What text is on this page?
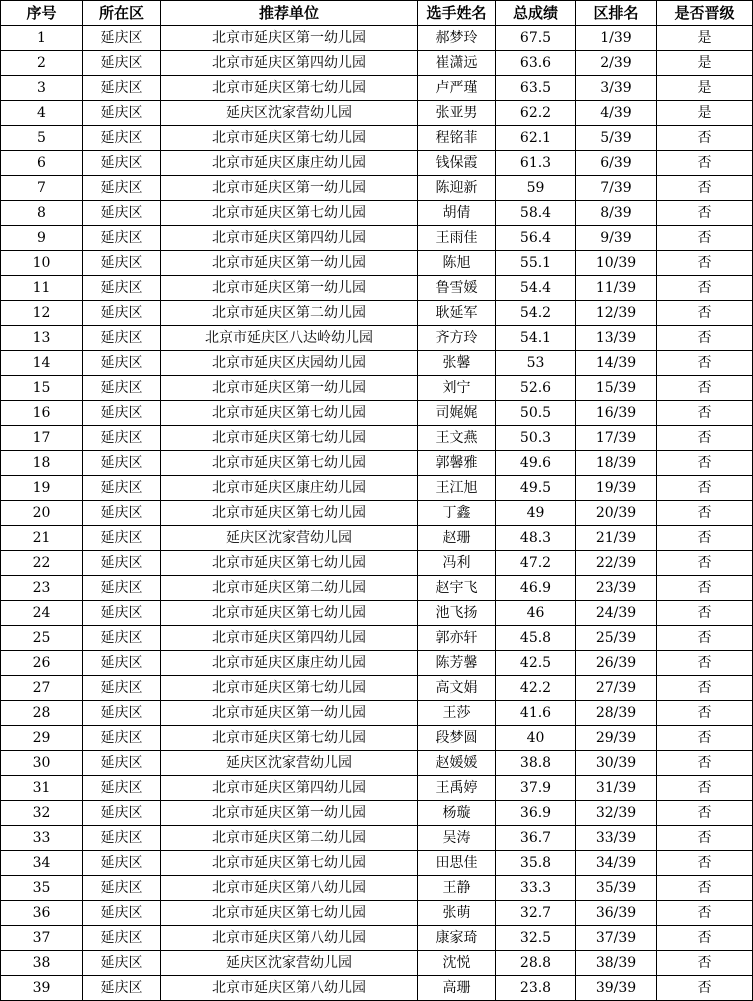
序号	所在区	推荐单位	选手姓名	总成绩	区排名	是否晋级
1	延庆区	北京市延庆区第一幼儿园	郝梦玲	67.5	1/39	是
2	延庆区	北京市延庆区第四幼儿园	崔潇远	63.6	2/39	是
3	延庆区	北京市延庆区第七幼儿园	卢严瑾	63.5	3/39	是
4	延庆区	延庆区沈家营幼儿园	张亚男	62.2	4/39	是
5	延庆区	北京市延庆区第七幼儿园	程铭菲	62.1	5/39	否
6	延庆区	北京市延庆区康庄幼儿园	钱保霞	61.3	6/39	否
7	延庆区	北京市延庆区第一幼儿园	陈迎新	59	7/39	否
8	延庆区	北京市延庆区第七幼儿园	胡倩	58.4	8/39	否
9	延庆区	北京市延庆区第四幼儿园	王雨佳	56.4	9/39	否
10	延庆区	北京市延庆区第一幼儿园	陈旭	55.1	10/39	否
11	延庆区	北京市延庆区第一幼儿园	鲁雪媛	54.4	11/39	否
12	延庆区	北京市延庆区第二幼儿园	耿延军	54.2	12/39	否
13	延庆区	北京市延庆区八达岭幼儿园	齐方玲	54.1	13/39	否
14	延庆区	北京市延庆区庆园幼儿园	张馨	53	14/39	否
15	延庆区	北京市延庆区第一幼儿园	刘宁	52.6	15/39	否
16	延庆区	北京市延庆区第七幼儿园	司娓娓	50.5	16/39	否
17	延庆区	北京市延庆区第七幼儿园	王文燕	50.3	17/39	否
18	延庆区	北京市延庆区第七幼儿园	郭馨雅	49.6	18/39	否
19	延庆区	北京市延庆区康庄幼儿园	王江旭	49.5	19/39	否
20	延庆区	北京市延庆区第七幼儿园	丁鑫	49	20/39	否
21	延庆区	延庆区沈家营幼儿园	赵珊	48.3	21/39	否
22	延庆区	北京市延庆区第七幼儿园	冯利	47.2	22/39	否
23	延庆区	北京市延庆区第二幼儿园	赵宇飞	46.9	23/39	否
24	延庆区	北京市延庆区第七幼儿园	池飞扬	46	24/39	否
25	延庆区	北京市延庆区第四幼儿园	郭亦轩	45.8	25/39	否
26	延庆区	北京市延庆区康庄幼儿园	陈芳馨	42.5	26/39	否
27	延庆区	北京市延庆区第七幼儿园	高文娟	42.2	27/39	否
28	延庆区	北京市延庆区第一幼儿园	王莎	41.6	28/39	否
29	延庆区	北京市延庆区第七幼儿园	段梦圆	40	29/39	否
30	延庆区	延庆区沈家营幼儿园	赵媛媛	38.8	30/39	否
31	延庆区	北京市延庆区第四幼儿园	王禹婷	37.9	31/39	否
32	延庆区	北京市延庆区第一幼儿园	杨璇	36.9	32/39	否
33	延庆区	北京市延庆区第二幼儿园	吴涛	36.7	33/39	否
34	延庆区	北京市延庆区第七幼儿园	田思佳	35.8	34/39	否
35	延庆区	北京市延庆区第八幼儿园	王静	33.3	35/39	否
36	延庆区	北京市延庆区第七幼儿园	张萌	32.7	36/39	否
37	延庆区	北京市延庆区第八幼儿园	康家琦	32.5	37/39	否
38	延庆区	延庆区沈家营幼儿园	沈悦	28.8	38/39	否
39	延庆区	北京市延庆区第八幼儿园	高珊	23.8	39/39	否
